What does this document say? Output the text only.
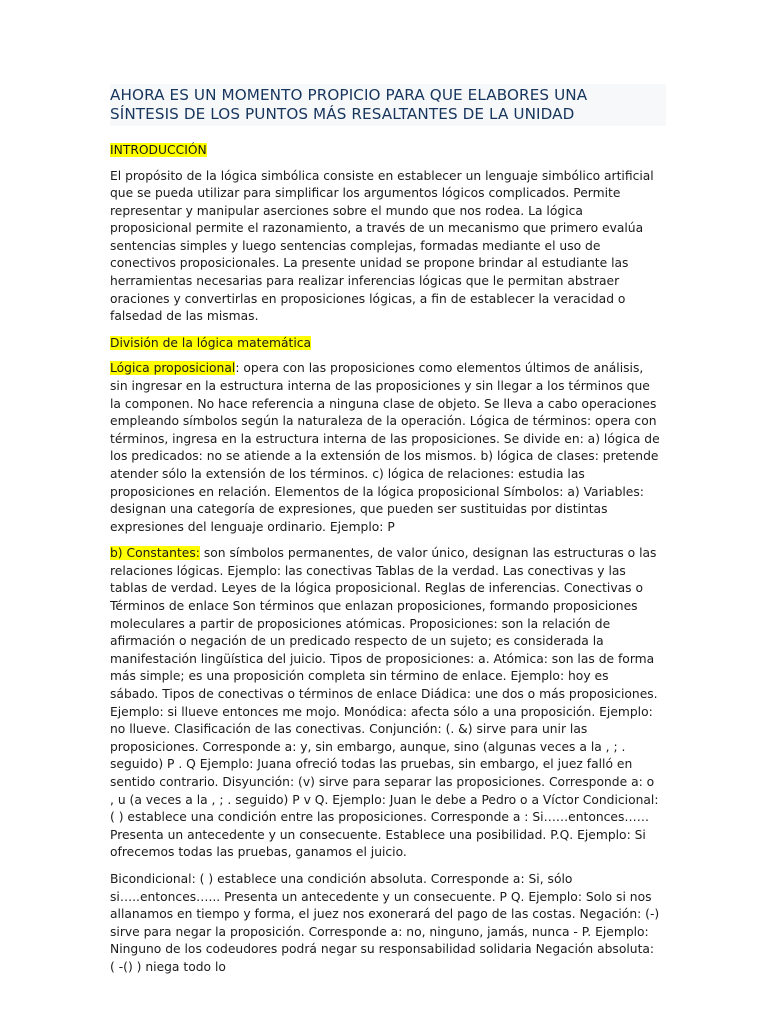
AHORA ES UN MOMENTO PROPICIO PARA QUE ELABORES UNA
SÍNTESIS DE LOS PUNTOS MÁS RESALTANTES DE LA UNIDAD
INTRODUCCIÓN

El propósito de la lógica simbólica consiste en establecer un lenguaje simbólico artificial que se pueda utilizar para simplificar los argumentos lógicos complicados. Permite representar y manipular aserciones sobre el mundo que nos rodea. La lógica proposicional permite el razonamiento, a través de un mecanismo que primero evalúa sentencias simples y luego sentencias complejas, formadas mediante el uso de conectivos proposicionales. La presente unidad se propone brindar al estudiante las herramientas necesarias para realizar inferencias lógicas que le permitan abstraer oraciones y convertirlas en proposiciones lógicas, a fin de establecer la veracidad o falsedad de las mismas.

División de la lógica matemática

Lógica proposicional: opera con las proposiciones como elementos últimos de análisis, sin ingresar en la estructura interna de las proposiciones y sin llegar a los términos que la componen. No hace referencia a ninguna clase de objeto. Se lleva a cabo operaciones empleando símbolos según la naturaleza de la operación. Lógica de términos: opera con términos, ingresa en la estructura interna de las proposiciones. Se divide en: a) lógica de los predicados: no se atiende a la extensión de los mismos. b) lógica de clases: pretende atender sólo la extensión de los términos. c) lógica de relaciones: estudia las proposiciones en relación. Elementos de la lógica proposicional Símbolos: a) Variables: designan una categoría de expresiones, que pueden ser sustituidas por distintas expresiones del lenguaje ordinario. Ejemplo: P

b) Constantes: son símbolos permanentes, de valor único, designan las estructuras o las relaciones lógicas. Ejemplo: las conectivas Tablas de la verdad. Las conectivas y las tablas de verdad. Leyes de la lógica proposicional. Reglas de inferencias. Conectivas o Términos de enlace Son términos que enlazan proposiciones, formando proposiciones moleculares a partir de proposiciones atómicas. Proposiciones: son la relación de afirmación o negación de un predicado respecto de un sujeto; es considerada la manifestación lingüística del juicio. Tipos de proposiciones: a. Atómica: son las de forma más simple; es una proposición completa sin término de enlace. Ejemplo: hoy es sábado. Tipos de conectivas o términos de enlace Diádica: une dos o más proposiciones. Ejemplo: si llueve entonces me mojo. Monódica: afecta sólo a una proposición. Ejemplo: no llueve. Clasificación de las conectivas. Conjunción: (. &) sirve para unir las proposiciones. Corresponde a: y, sin embargo, aunque, sino (algunas veces a la , ; . seguido) P . Q Ejemplo: Juana ofreció todas las pruebas, sin embargo, el juez falló en sentido contrario. Disyunción: (v) sirve para separar las proposiciones. Corresponde a: o , u (a veces a la , ; . seguido) P v Q. Ejemplo: Juan le debe a Pedro o a Víctor Condicional: ( ) establece una condición entre las proposiciones. Corresponde a : Si……entonces…… Presenta un antecedente y un consecuente. Establece una posibilidad. P.Q. Ejemplo: Si ofrecemos todas las pruebas, ganamos el juicio.

Bicondicional: ( ) establece una condición absoluta. Corresponde a: Si, sólo si…..entonces…... Presenta un antecedente y un consecuente. P Q. Ejemplo: Solo si nos allanamos en tiempo y forma, el juez nos exonerará del pago de las costas. Negación: (-) sirve para negar la proposición. Corresponde a: no, ninguno, jamás, nunca - P. Ejemplo: Ninguno de los codeudores podrá negar su responsabilidad solidaria Negación absoluta: ( -() ) niega todo lo
